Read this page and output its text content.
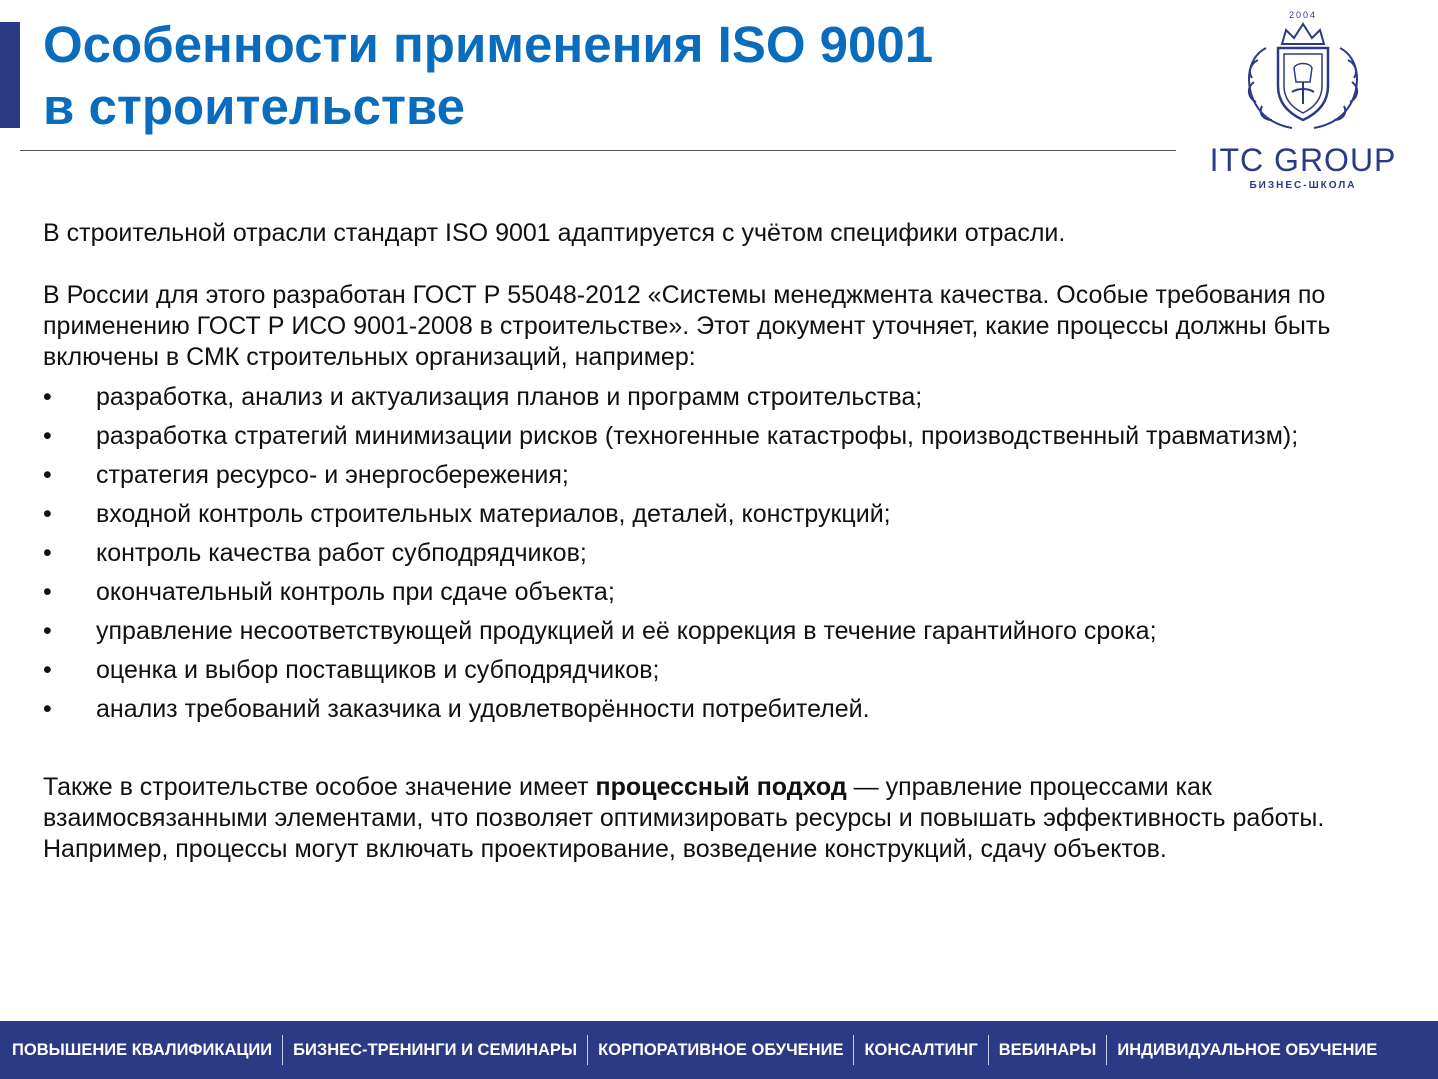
Особенности применения ISO 9001
в строительстве
2004
ITC GROUP
БИЗНЕС-ШКОЛА

В строительной отрасли стандарт ISO 9001 адаптируется с учётом специфики отрасли.

В России для этого разработан ГОСТ Р 55048-2012 «Системы менеджмента качества. Особые требования по применению ГОСТ Р ИСО 9001-2008 в строительстве». Этот документ уточняет, какие процессы должны быть включены в СМК строительных организаций, например:

• разработка, анализ и актуализация планов и программ строительства;
• разработка стратегий минимизации рисков (техногенные катастрофы, производственный травматизм);
• стратегия ресурсо- и энергосбережения;
• входной контроль строительных материалов, деталей, конструкций;
• контроль качества работ субподрядчиков;
• окончательный контроль при сдаче объекта;
• управление несоответствующей продукцией и её коррекция в течение гарантийного срока;
• оценка и выбор поставщиков и субподрядчиков;
• анализ требований заказчика и удовлетворённости потребителей.

Также в строительстве особое значение имеет процессный подход — управление процессами как взаимосвязанными элементами, что позволяет оптимизировать ресурсы и повышать эффективность работы. Например, процессы могут включать проектирование, возведение конструкций, сдачу объектов.

ПОВЫШЕНИЕ КВАЛИФИКАЦИИ	БИЗНЕС-ТРЕНИНГИ И СЕМИНАРЫ	КОРПОРАТИВНОЕ ОБУЧЕНИЕ	КОНСАЛТИНГ	ВЕБИНАРЫ	ИНДИВИДУАЛЬНОЕ ОБУЧЕНИЕ
